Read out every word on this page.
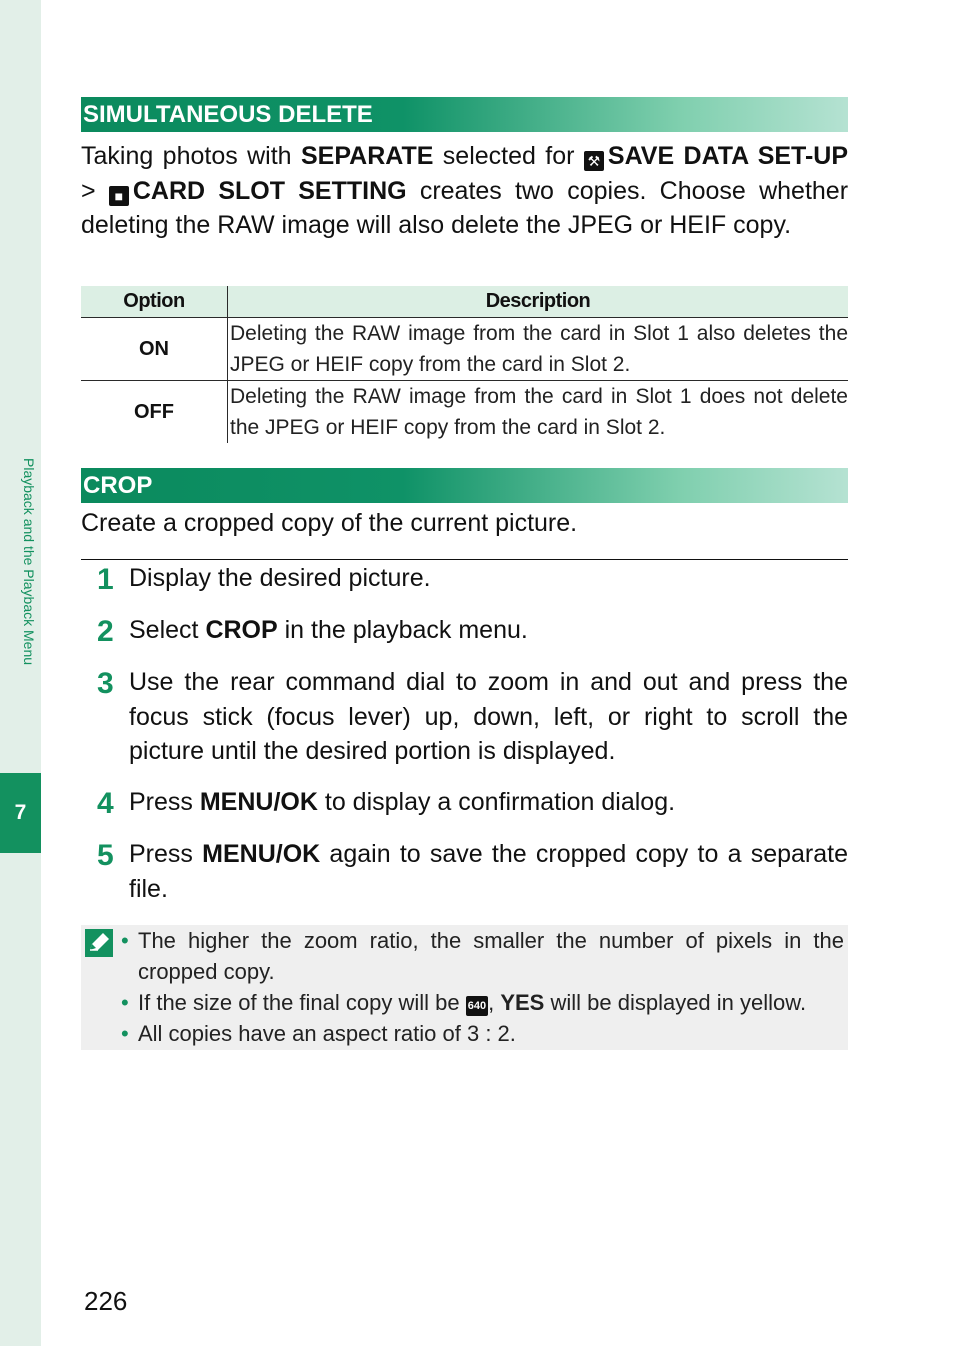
Playback and the Playback Menu
7
SIMULTANEOUS DELETE
Taking photos with SEPARATE selected for ⚒ SAVE DATA SET-UP > ■ CARD SLOT SETTING creates two copies. Choose whether deleting the RAW image will also delete the JPEG or HEIF copy.
Option	Description
ON	Deleting the RAW image from the card in Slot 1 also deletes the JPEG or HEIF copy from the card in Slot 2.
OFF	Deleting the RAW image from the card in Slot 1 does not delete the JPEG or HEIF copy from the card in Slot 2.
CROP
Create a cropped copy of the current picture.
1 Display the desired picture.
2 Select CROP in the playback menu.
3 Use the rear command dial to zoom in and out and press the focus stick (focus lever) up, down, left, or right to scroll the picture until the desired portion is displayed.
4 Press MENU/OK to display a confirmation dialog.
5 Press MENU/OK again to save the cropped copy to a separate file.
• The higher the zoom ratio, the smaller the number of pixels in the cropped copy.
• If the size of the final copy will be 640, YES will be displayed in yellow.
• All copies have an aspect ratio of 3 : 2.
226
